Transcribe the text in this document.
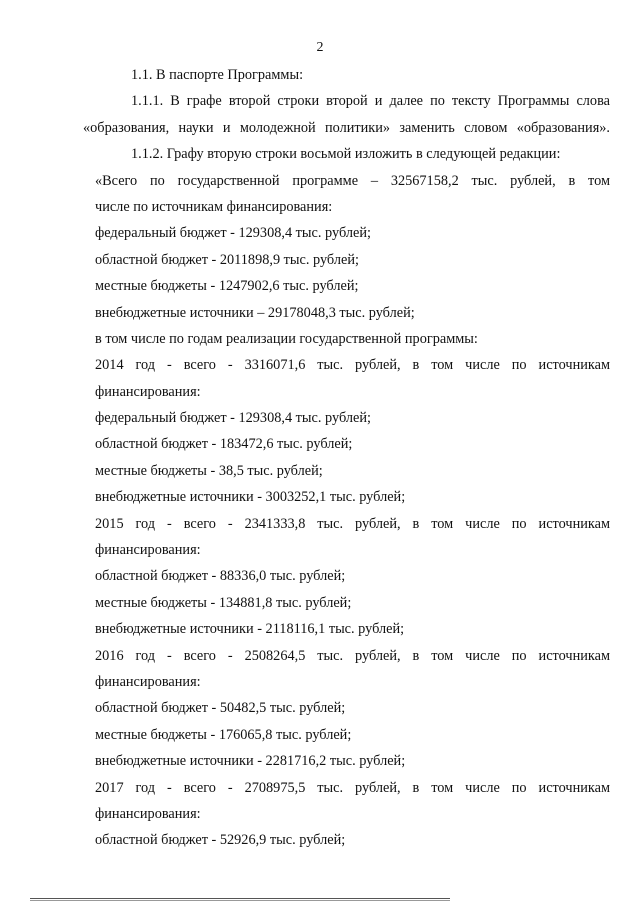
2
1.1. В паспорте Программы:
1.1.1. В графе второй строки второй и далее по тексту Программы слова
«образования, науки и молодежной политики» заменить словом «образования».
1.1.2. Графу вторую строки восьмой изложить в следующей редакции:
«Всего по государственной программе – 32567158,2 тыс. рублей, в том
числе по источникам финансирования:
федеральный бюджет - 129308,4 тыс. рублей;
областной бюджет - 2011898,9 тыс. рублей;
местные бюджеты - 1247902,6 тыс. рублей;
внебюджетные источники – 29178048,3 тыс. рублей;
в том числе по годам реализации государственной программы:
2014 год - всего - 3316071,6 тыс. рублей, в том числе по источникам
финансирования:
федеральный бюджет - 129308,4 тыс. рублей;
областной бюджет - 183472,6 тыс. рублей;
местные бюджеты - 38,5 тыс. рублей;
внебюджетные источники - 3003252,1 тыс. рублей;
2015 год - всего - 2341333,8 тыс. рублей, в том числе по источникам
финансирования:
областной бюджет - 88336,0 тыс. рублей;
местные бюджеты - 134881,8 тыс. рублей;
внебюджетные источники - 2118116,1 тыс. рублей;
2016 год - всего - 2508264,5 тыс. рублей, в том числе по источникам
финансирования:
областной бюджет - 50482,5 тыс. рублей;
местные бюджеты - 176065,8 тыс. рублей;
внебюджетные источники - 2281716,2 тыс. рублей;
2017 год - всего - 2708975,5 тыс. рублей, в том числе по источникам
финансирования:
областной бюджет - 52926,9 тыс. рублей;
